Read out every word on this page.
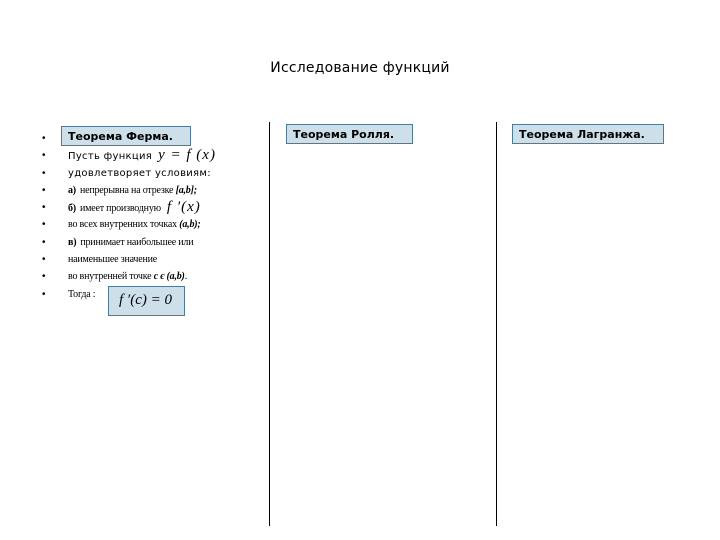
Исследование функций
Теорема Ферма.	Теорема Ролля.	Теорема Лагранжа.
•
• Пусть функция y = f (x)
• удовлетворяет условиям:
• а) непрерывна на отрезке [a,b];
• б) имеет производную f ′(x)
• во всех внутренних точках (a,b);
• в) принимает наибольшее или
• наименьшее значение
• во внутренней точке c є (a,b).
• Тогда :	f ′(c) = 0
